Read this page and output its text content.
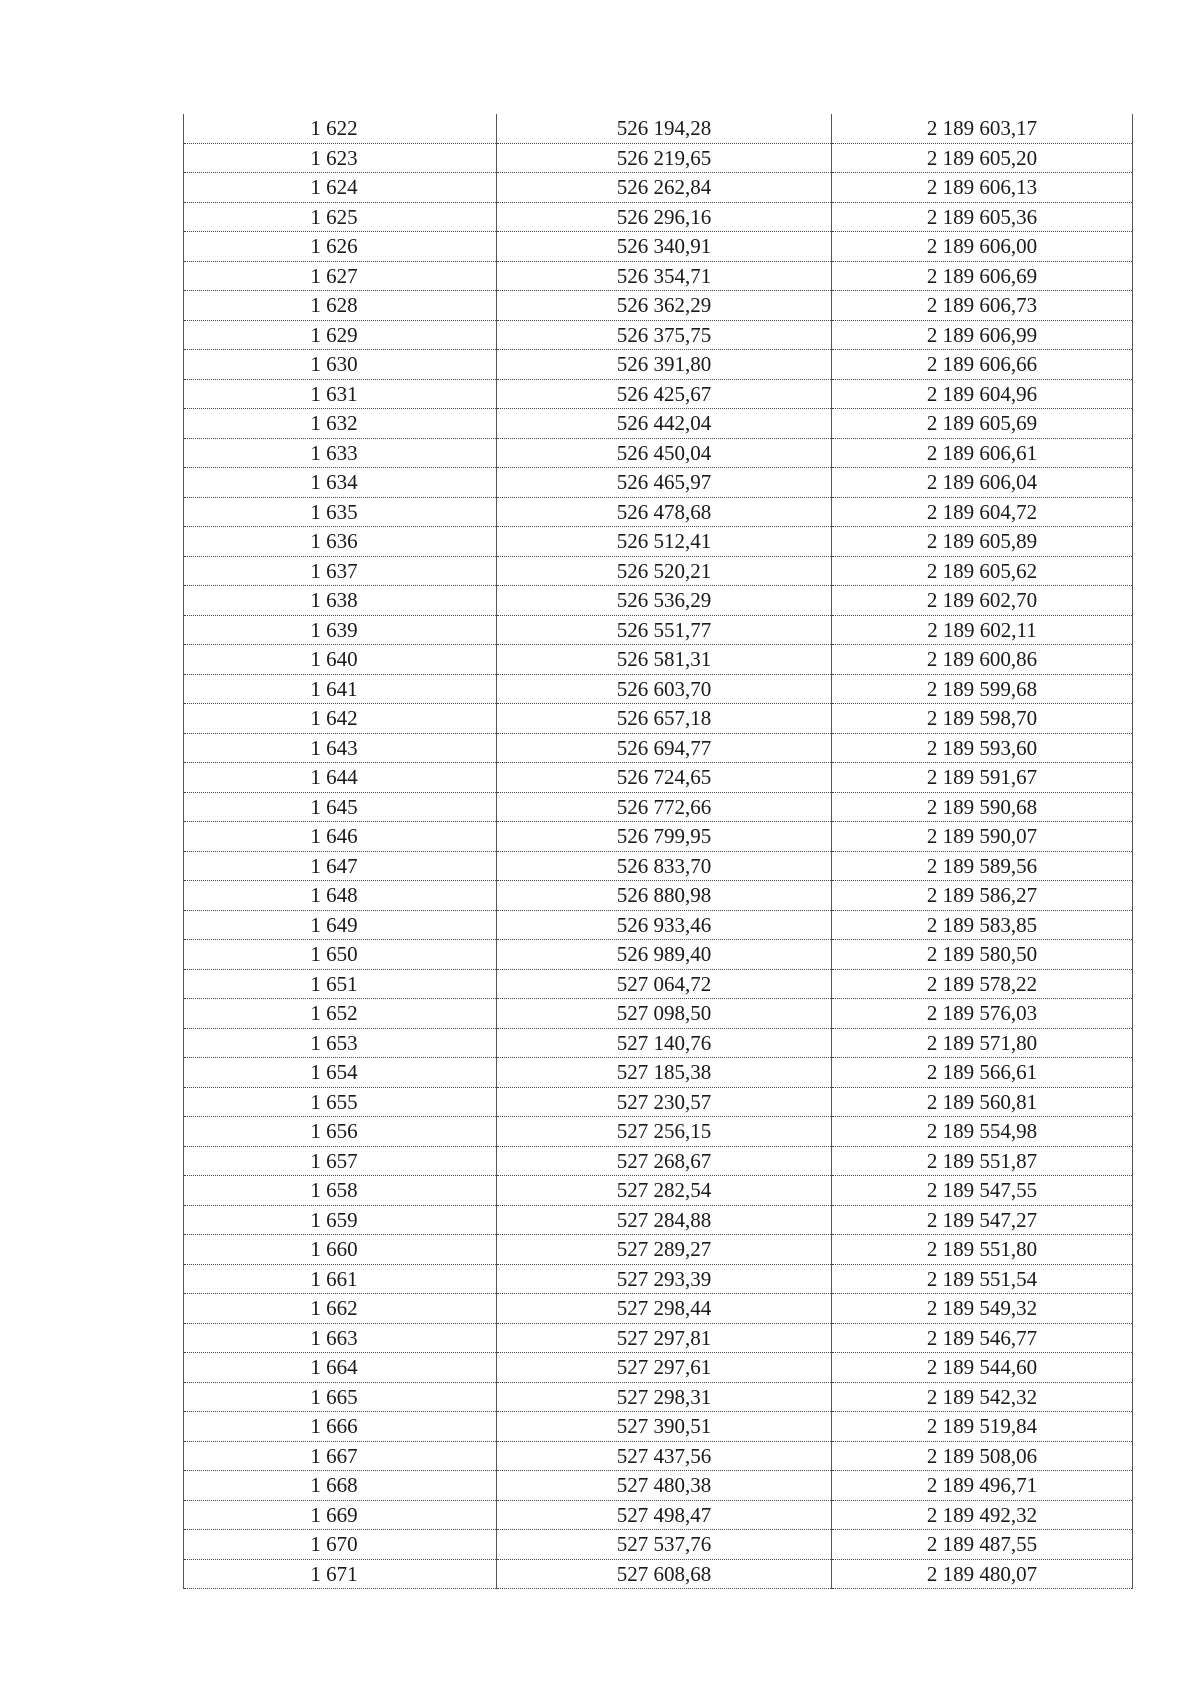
1 622	526 194,28	2 189 603,17
1 623	526 219,65	2 189 605,20
1 624	526 262,84	2 189 606,13
1 625	526 296,16	2 189 605,36
1 626	526 340,91	2 189 606,00
1 627	526 354,71	2 189 606,69
1 628	526 362,29	2 189 606,73
1 629	526 375,75	2 189 606,99
1 630	526 391,80	2 189 606,66
1 631	526 425,67	2 189 604,96
1 632	526 442,04	2 189 605,69
1 633	526 450,04	2 189 606,61
1 634	526 465,97	2 189 606,04
1 635	526 478,68	2 189 604,72
1 636	526 512,41	2 189 605,89
1 637	526 520,21	2 189 605,62
1 638	526 536,29	2 189 602,70
1 639	526 551,77	2 189 602,11
1 640	526 581,31	2 189 600,86
1 641	526 603,70	2 189 599,68
1 642	526 657,18	2 189 598,70
1 643	526 694,77	2 189 593,60
1 644	526 724,65	2 189 591,67
1 645	526 772,66	2 189 590,68
1 646	526 799,95	2 189 590,07
1 647	526 833,70	2 189 589,56
1 648	526 880,98	2 189 586,27
1 649	526 933,46	2 189 583,85
1 650	526 989,40	2 189 580,50
1 651	527 064,72	2 189 578,22
1 652	527 098,50	2 189 576,03
1 653	527 140,76	2 189 571,80
1 654	527 185,38	2 189 566,61
1 655	527 230,57	2 189 560,81
1 656	527 256,15	2 189 554,98
1 657	527 268,67	2 189 551,87
1 658	527 282,54	2 189 547,55
1 659	527 284,88	2 189 547,27
1 660	527 289,27	2 189 551,80
1 661	527 293,39	2 189 551,54
1 662	527 298,44	2 189 549,32
1 663	527 297,81	2 189 546,77
1 664	527 297,61	2 189 544,60
1 665	527 298,31	2 189 542,32
1 666	527 390,51	2 189 519,84
1 667	527 437,56	2 189 508,06
1 668	527 480,38	2 189 496,71
1 669	527 498,47	2 189 492,32
1 670	527 537,76	2 189 487,55
1 671	527 608,68	2 189 480,07
